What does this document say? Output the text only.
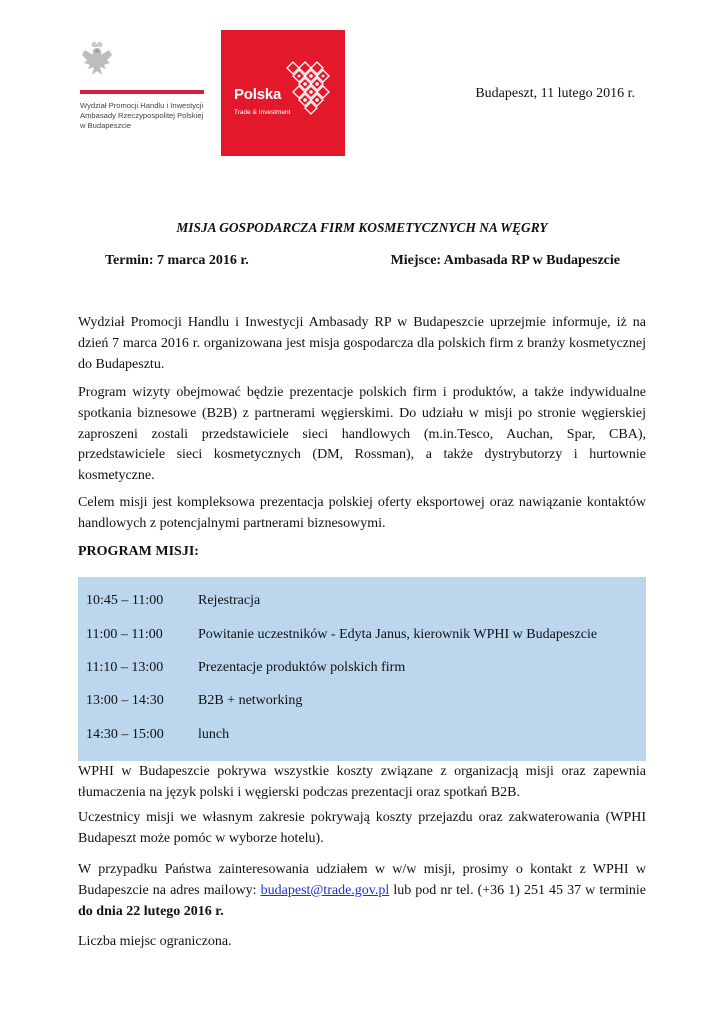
Wydział Promocji Handlu i Inwestycji
Ambasady Rzeczypospolitej Polskiej
w Budapeszcie
Polska
Trade & Investment
Budapeszt, 11 lutego 2016 r.
MISJA GOSPODARCZA FIRM KOSMETYCZNYCH NA WĘGRY
Termin: 7 marca 2016 r.	Miejsce: Ambasada RP w Budapeszcie
Wydział Promocji Handlu i Inwestycji Ambasady RP w Budapeszcie uprzejmie informuje, iż na dzień 7 marca 2016 r. organizowana jest misja gospodarcza dla polskich firm z branży kosmetycznej do Budapesztu.
Program wizyty obejmować będzie prezentacje polskich firm i produktów, a także indywidualne spotkania biznesowe (B2B) z partnerami węgierskimi. Do udziału w misji po stronie węgierskiej zaproszeni zostali przedstawiciele sieci handlowych (m.in.Tesco, Auchan, Spar, CBA), przedstawiciele sieci kosmetycznych (DM, Rossman), a także dystrybutorzy i hurtownie kosmetyczne.
Celem misji jest kompleksowa prezentacja polskiej oferty eksportowej oraz nawiązanie kontaktów handlowych z potencjalnymi partnerami biznesowymi.
PROGRAM MISJI:
10:45 – 11:00 Rejestracja
11:00 – 11:00	Powitanie uczestników - Edyta Janus, kierownik WPHI w Budapeszcie
11:10 – 13:00 Prezentacje produktów polskich firm
13:00 – 14:30 B2B + networking
14:30 – 15:00 lunch
WPHI w Budapeszcie pokrywa wszystkie koszty związane z organizacją misji oraz zapewnia tłumaczenia na język polski i węgierski podczas prezentacji oraz spotkań B2B.
Uczestnicy misji we własnym zakresie pokrywają koszty przejazdu oraz zakwaterowania (WPHI Budapeszt może pomóc w wyborze hotelu).
W przypadku Państwa zainteresowania udziałem w w/w misji, prosimy o kontakt z WPHI w Budapeszcie na adres mailowy: budapest@trade.gov.pl lub pod nr tel. (+36 1) 251 45 37 w terminie do dnia 22 lutego 2016 r.
Liczba miejsc ograniczona.
